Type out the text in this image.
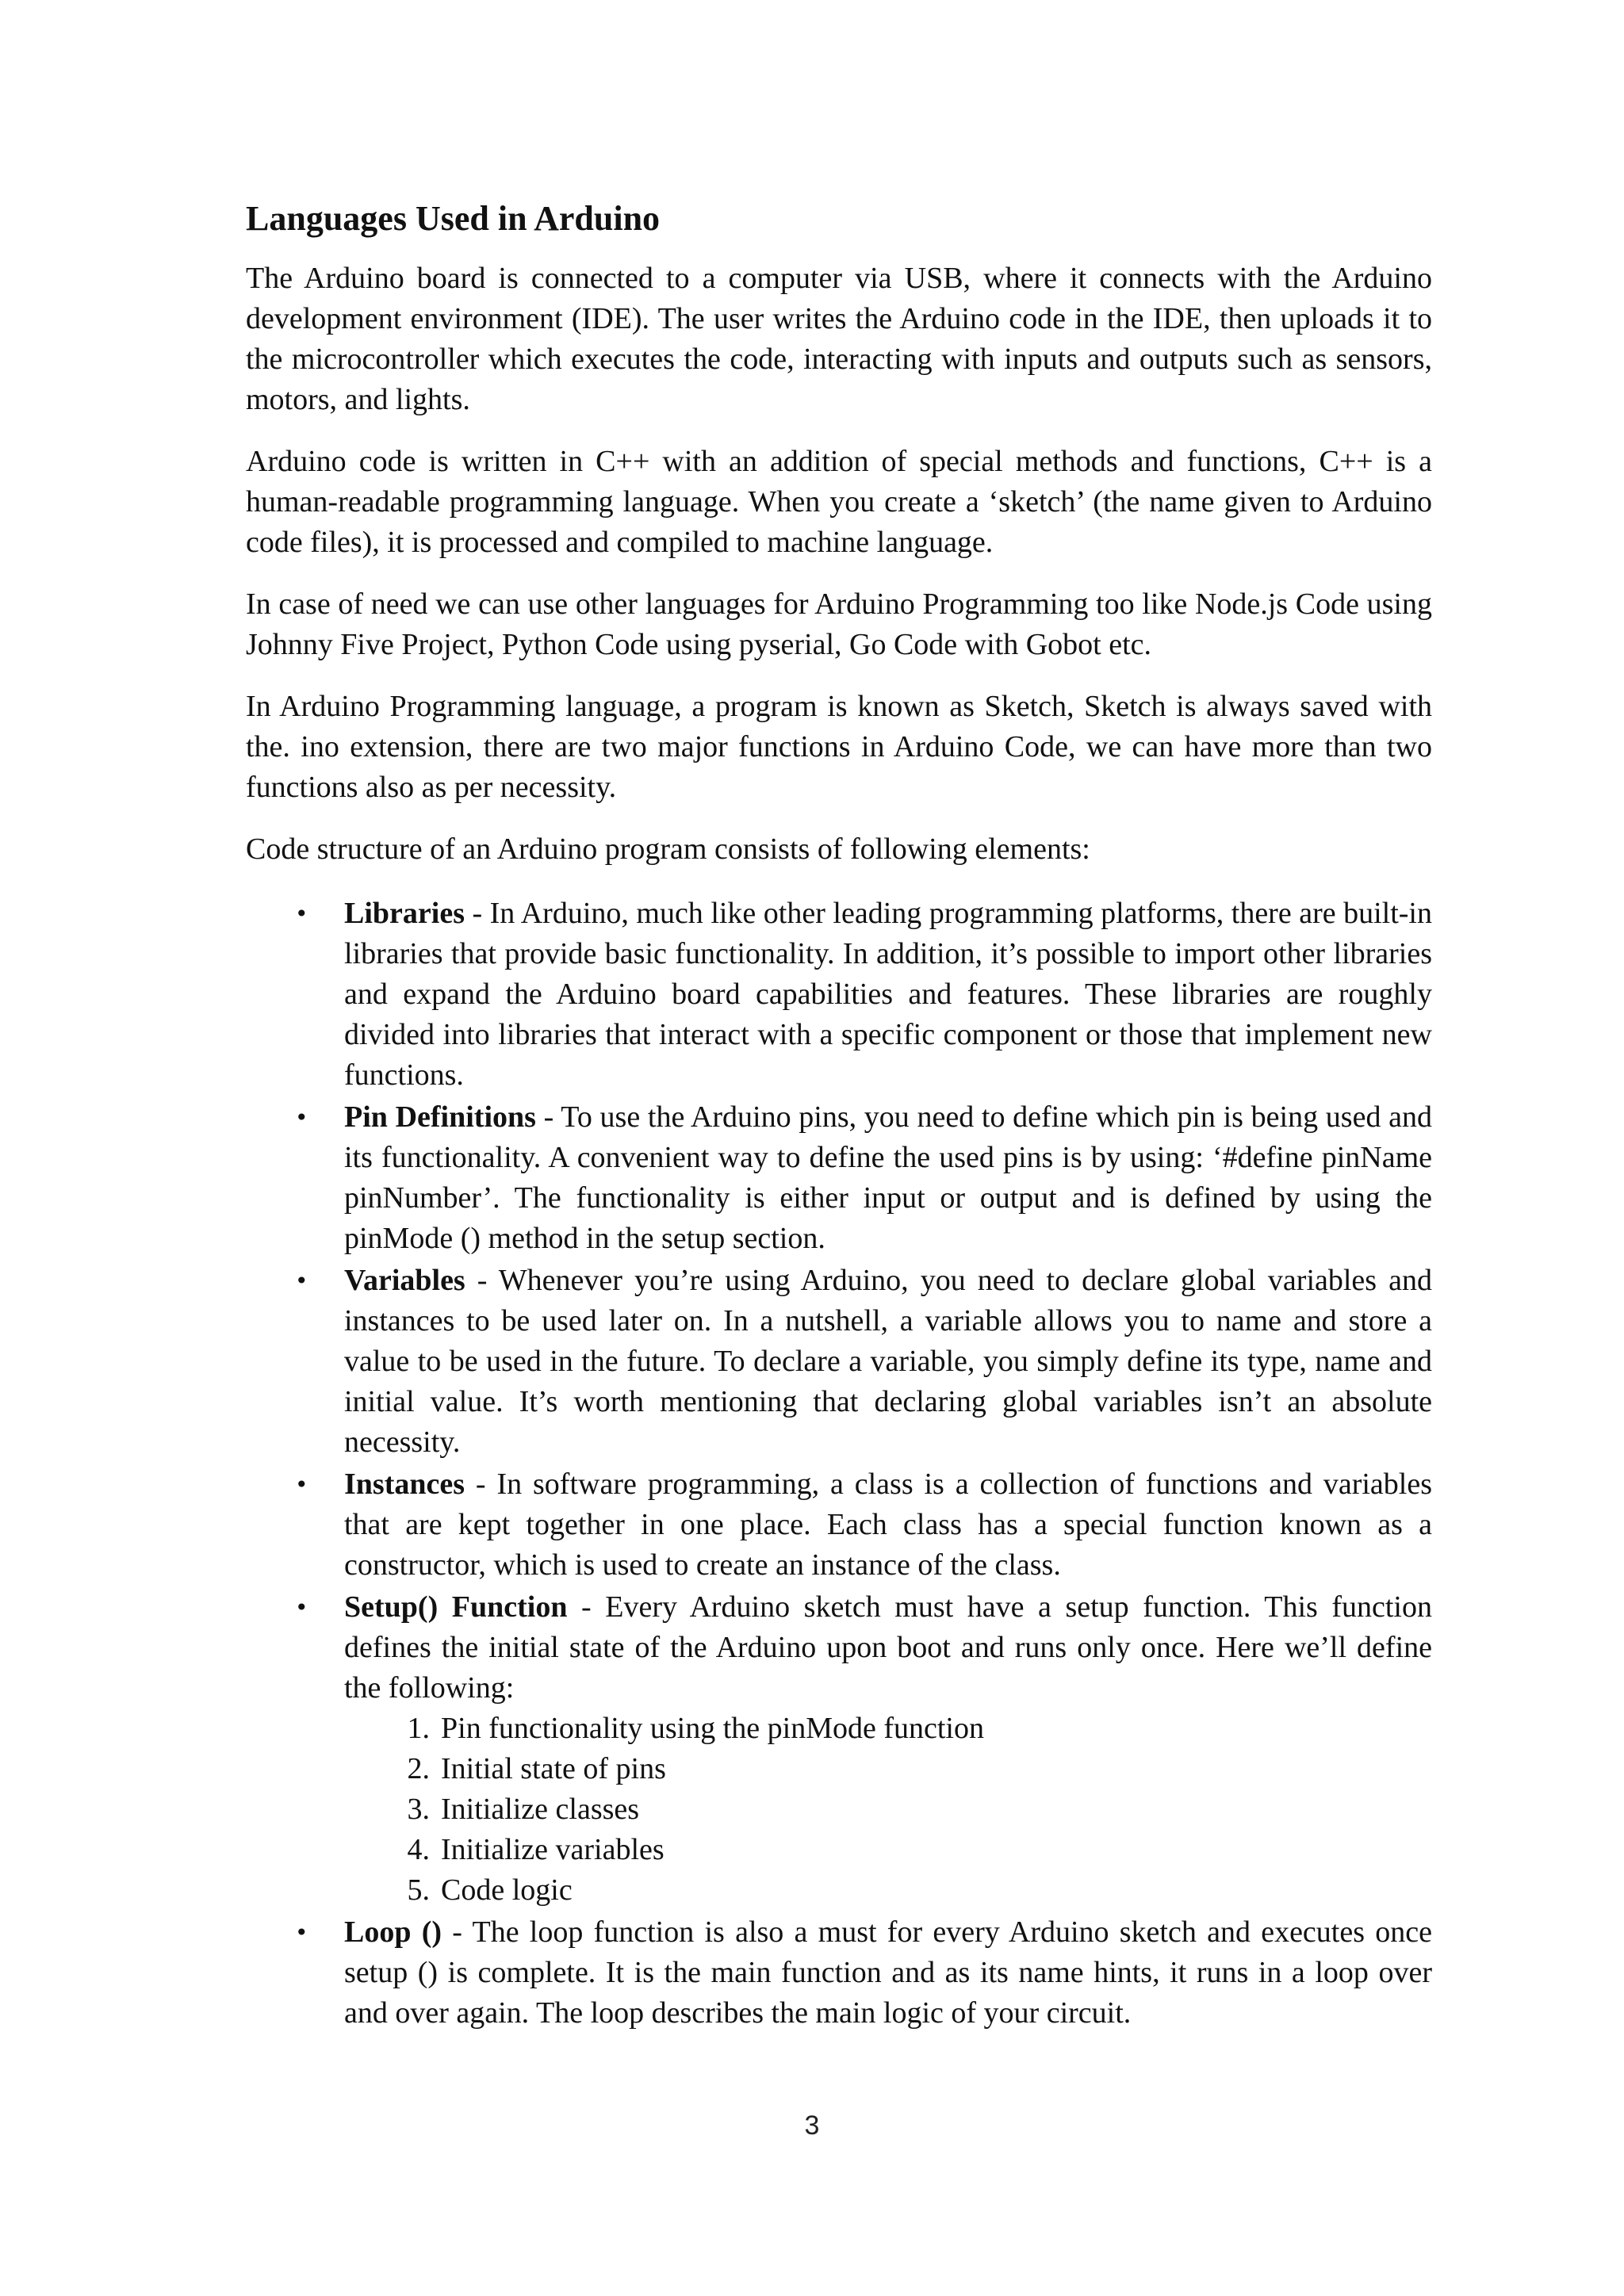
Languages Used in Arduino

The Arduino board is connected to a computer via USB, where it connects with the Arduino development environment (IDE). The user writes the Arduino code in the IDE, then uploads it to the microcontroller which executes the code, interacting with inputs and outputs such as sensors, motors, and lights.

Arduino code is written in C++ with an addition of special methods and functions, C++ is a human-readable programming language. When you create a ‘sketch’ (the name given to Arduino code files), it is processed and compiled to machine language.

In case of need we can use other languages for Arduino Programming too like Node.js Code using Johnny Five Project, Python Code using pyserial, Go Code with Gobot etc.

In Arduino Programming language, a program is known as Sketch, Sketch is always saved with the. ino extension, there are two major functions in Arduino Code, we can have more than two functions also as per necessity.

Code structure of an Arduino program consists of following elements:

• Libraries - In Arduino, much like other leading programming platforms, there are built-in libraries that provide basic functionality. In addition, it’s possible to import other libraries and expand the Arduino board capabilities and features. These libraries are roughly divided into libraries that interact with a specific component or those that implement new functions.
• Pin Definitions - To use the Arduino pins, you need to define which pin is being used and its functionality. A convenient way to define the used pins is by using: ‘#define pinName pinNumber’. The functionality is either input or output and is defined by using the pinMode () method in the setup section.
• Variables - Whenever you’re using Arduino, you need to declare global variables and instances to be used later on. In a nutshell, a variable allows you to name and store a value to be used in the future. To declare a variable, you simply define its type, name and initial value. It’s worth mentioning that declaring global variables isn’t an absolute necessity.
• Instances - In software programming, a class is a collection of functions and variables that are kept together in one place. Each class has a special function known as a constructor, which is used to create an instance of the class.
• Setup() Function - Every Arduino sketch must have a setup function. This function defines the initial state of the Arduino upon boot and runs only once. Here we’ll define the following:
1. Pin functionality using the pinMode function
2. Initial state of pins
3. Initialize classes
4. Initialize variables
5. Code logic
• Loop () - The loop function is also a must for every Arduino sketch and executes once setup () is complete. It is the main function and as its name hints, it runs in a loop over and over again. The loop describes the main logic of your circuit.
3
